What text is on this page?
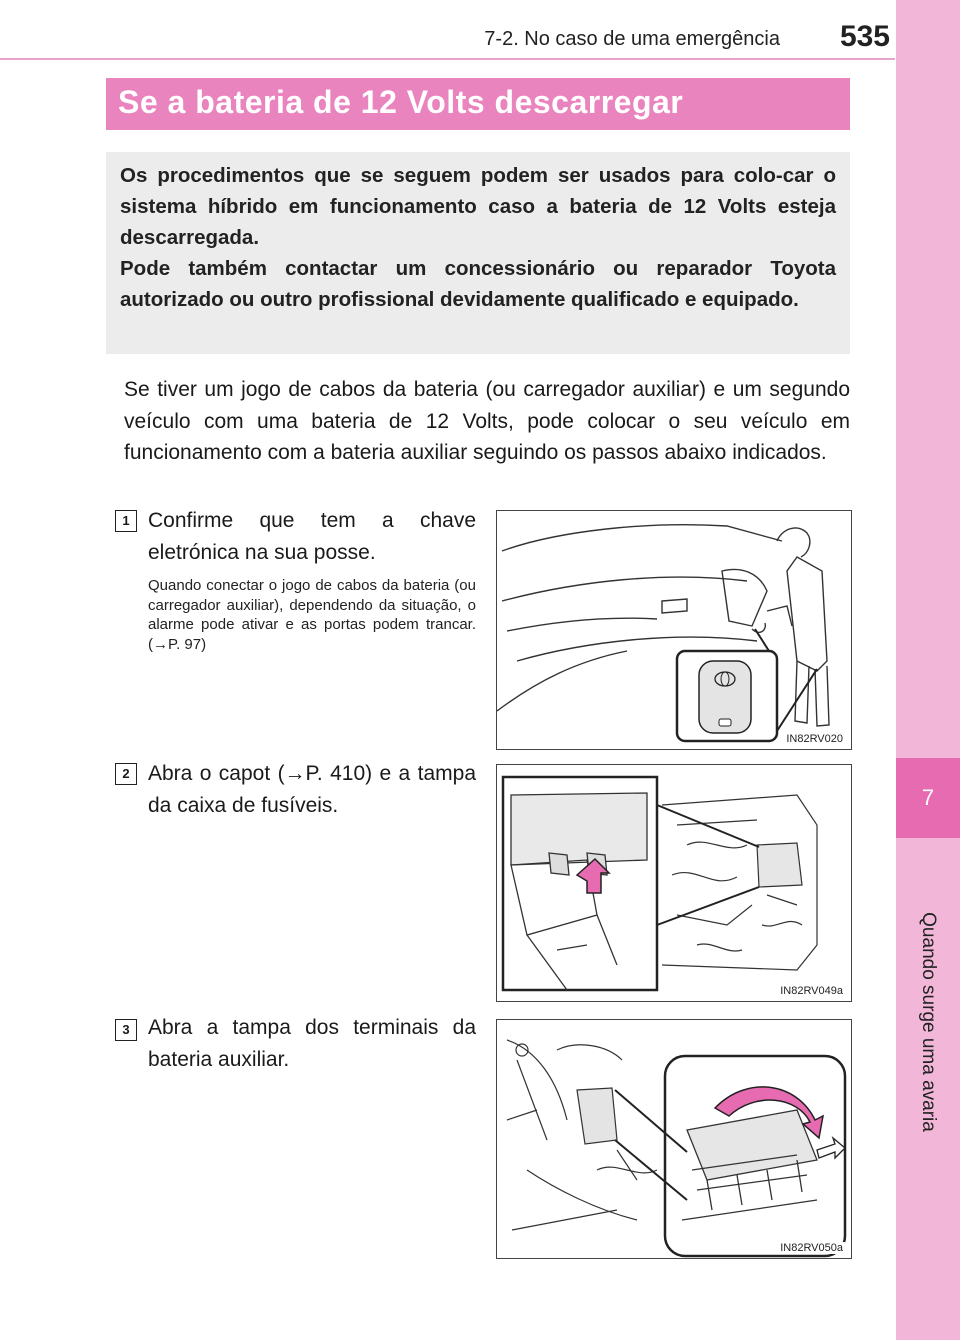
7-2. No caso de uma emergência	535
7
Quando surge uma avaria
Se a bateria de 12 Volts descarregar

Os procedimentos que se seguem podem ser usados para colo-car o sistema híbrido em funcionamento caso a bateria de 12 Volts esteja descarregada.

Pode também contactar um concessionário ou reparador Toyota autorizado ou outro profissional devidamente qualificado e equipado.

Se tiver um jogo de cabos da bateria (ou carregador auxiliar) e um segundo veículo com uma bateria de 12 Volts, pode colocar o seu veículo em funcionamento com a bateria auxiliar seguindo os passos abaixo indicados.

1 Confirme que tem a chave eletrónica na sua posse.

Quando conectar o jogo de cabos da bateria (ou carregador auxiliar), dependendo da situação, o alarme pode ativar e as portas podem trancar. (→P. 97)

IN82RV020
2 Abra o capot (→P. 410) e a tampa da caixa de fusíveis.

IN82RV049a
3 Abra a tampa dos terminais da bateria auxiliar.

IN82RV050a
